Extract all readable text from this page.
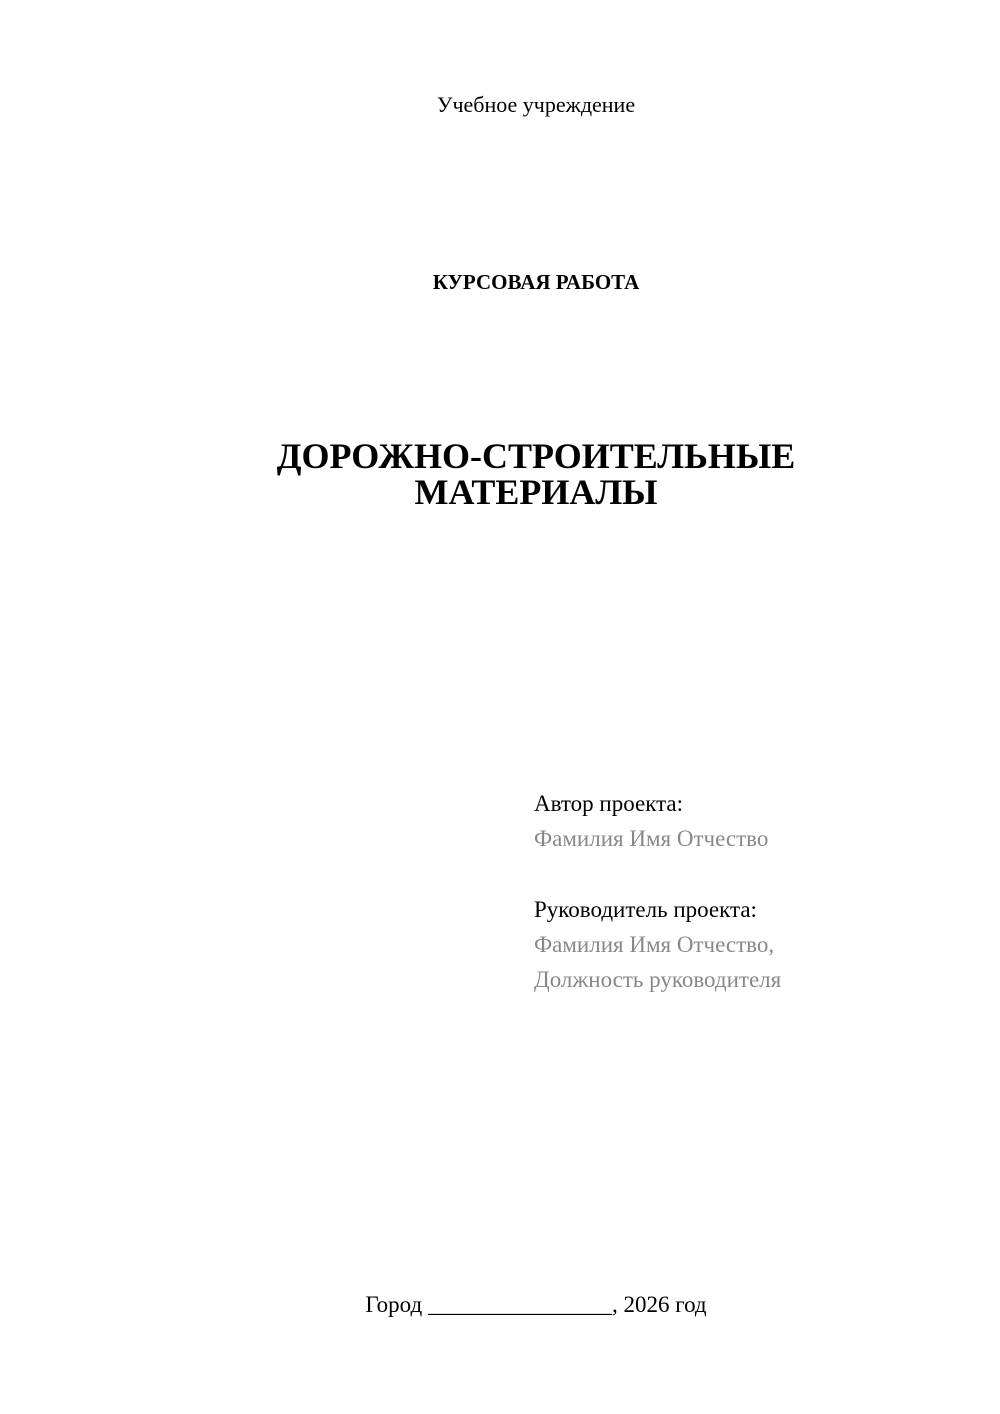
Учебное учреждение
КУРСОВАЯ РАБОТА
ДОРОЖНО-СТРОИТЕЛЬНЫЕ
МАТЕРИАЛЫ
Автор проекта:
Фамилия Имя Отчество
Руководитель проекта:
Фамилия Имя Отчество,
Должность руководителя
Город ________________, 2026 год
